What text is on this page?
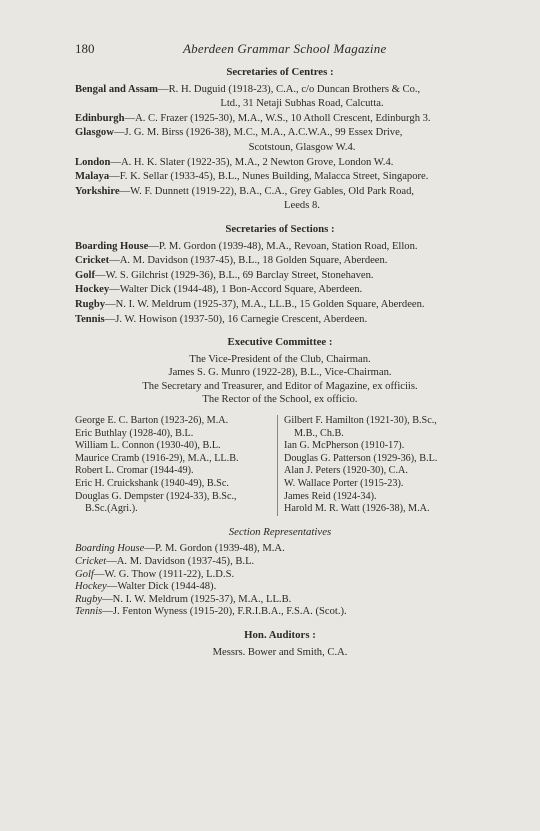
180	Aberdeen Grammar School Magazine
Secretaries of Centres :
Bengal and Assam—R. H. Duguid (1918-23), C.A., c/o Duncan Brothers & Co.,
Ltd., 31 Netaji Subhas Road, Calcutta.
Edinburgh—A. C. Frazer (1925-30), M.A., W.S., 10 Atholl Crescent, Edinburgh 3.
Glasgow—J. G. M. Birss (1926-38), M.C., M.A., A.C.W.A., 99 Essex Drive,
Scotstoun, Glasgow W.4.
London—A. H. K. Slater (1922-35), M.A., 2 Newton Grove, London W.4.
Malaya—F. K. Sellar (1933-45), B.L., Nunes Building, Malacca Street, Singapore.
Yorkshire—W. F. Dunnett (1919-22), B.A., C.A., Grey Gables, Old Park Road,
Leeds 8.
Secretaries of Sections :
Boarding House—P. M. Gordon (1939-48), M.A., Revoan, Station Road, Ellon.
Cricket—A. M. Davidson (1937-45), B.L., 18 Golden Square, Aberdeen.
Golf—W. S. Gilchrist (1929-36), B.L., 69 Barclay Street, Stonehaven.
Hockey—Walter Dick (1944-48), 1 Bon-Accord Square, Aberdeen.
Rugby—N. I. W. Meldrum (1925-37), M.A., LL.B., 15 Golden Square, Aberdeen.
Tennis—J. W. Howison (1937-50), 16 Carnegie Crescent, Aberdeen.
Executive Committee :
The Vice-President of the Club, Chairman.
James S. G. Munro (1922-28), B.L., Vice-Chairman.
The Secretary and Treasurer, and Editor of Magazine, ex officiis.
The Rector of the School, ex officio.
George E. C. Barton (1923-26), M.A.
Eric Buthlay (1928-40), B.L.
William L. Connon (1930-40), B.L.
Maurice Cramb (1916-29), M.A., LL.B.
Robert L. Cromar (1944-49).
Eric H. Cruickshank (1940-49), B.Sc.
Douglas G. Dempster (1924-33), B.Sc.,
B.Sc.(Agri.).
Gilbert F. Hamilton (1921-30), B.Sc.,
M.B., Ch.B.
Ian G. McPherson (1910-17).
Douglas G. Patterson (1929-36), B.L.
Alan J. Peters (1920-30), C.A.
W. Wallace Porter (1915-23).
James Reid (1924-34).
Harold M. R. Watt (1926-38), M.A.
Section Representatives
Boarding House—P. M. Gordon (1939-48), M.A.
Cricket—A. M. Davidson (1937-45), B.L.
Golf—W. G. Thow (1911-22), L.D.S.
Hockey—Walter Dick (1944-48).
Rugby—N. I. W. Meldrum (1925-37), M.A., LL.B.
Tennis—J. Fenton Wyness (1915-20), F.R.I.B.A., F.S.A. (Scot.).
Hon. Auditors :
Messrs. Bower and Smith, C.A.
